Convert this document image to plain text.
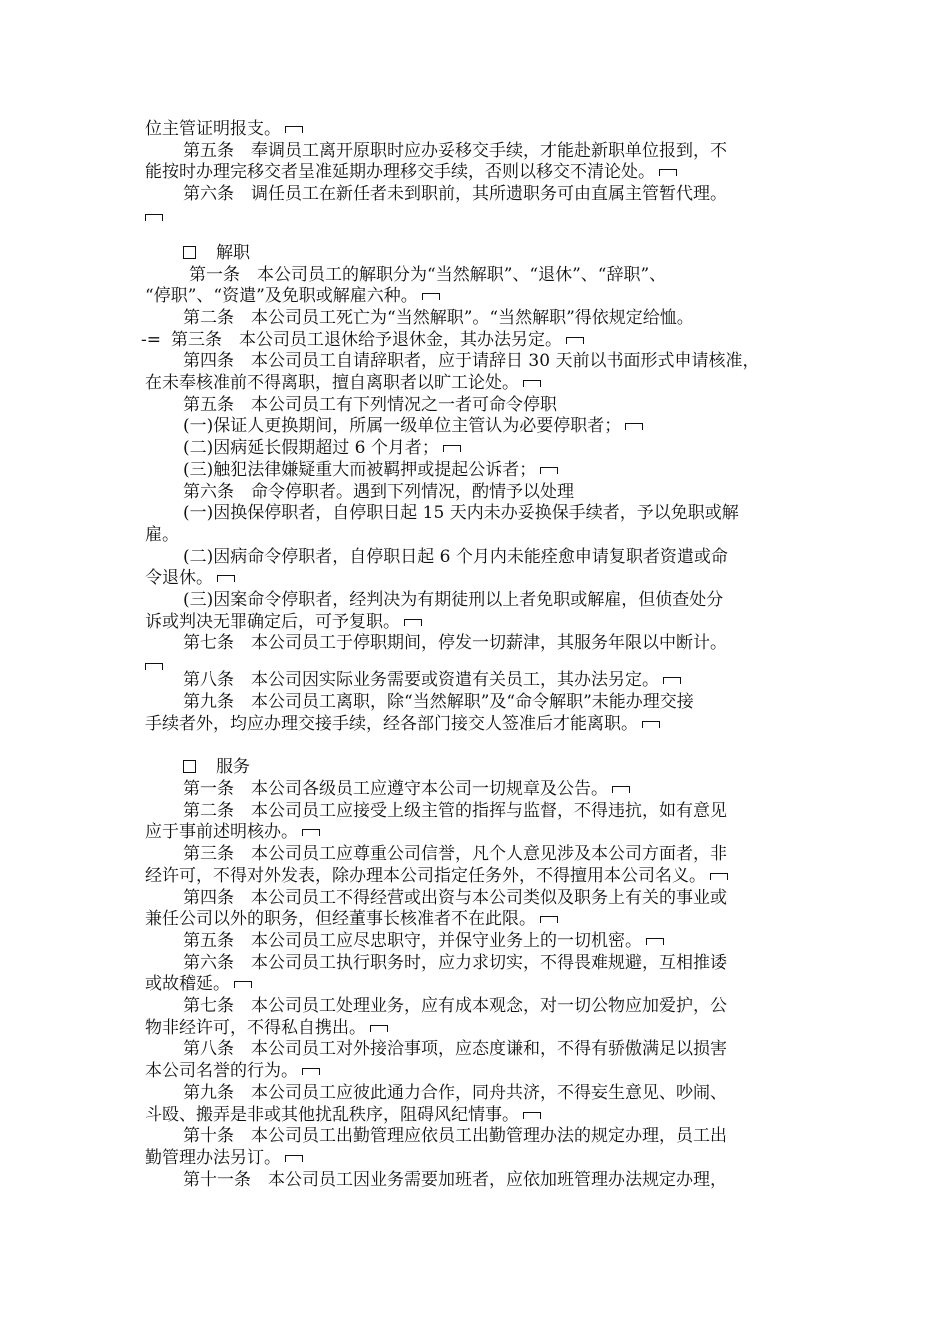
位主管证明报支。
第五条　奉调员工离开原职时应办妥移交手续，才能赴新职单位报到，不
能按时办理完移交者呈准延期办理移交手续，否则以移交不清论处。
第六条　调任员工在新任者未到职前，其所遗职务可由直属主管暂代理。
解职
第一条　本公司员工的解职分为“当然解职”、“退休”、“辞职”、
“停职”、“资遣”及免职或解雇六种。
第二条　本公司员工死亡为“当然解职”。“当然解职”得依规定给恤。
-= 第三条　本公司员工退休给予退休金，其办法另定。
第四条　本公司员工自请辞职者，应于请辞日 30 天前以书面形式申请核准，
在未奉核准前不得离职，擅自离职者以旷工论处。
第五条　本公司员工有下列情况之一者可命令停职
(一)保证人更换期间，所属一级单位主管认为必要停职者；
(二)因病延长假期超过 6 个月者；
(三)触犯法律嫌疑重大而被羁押或提起公诉者；
第六条　命令停职者。遇到下列情况，酌情予以处理
(一)因换保停职者，自停职日起 15 天内未办妥换保手续者，予以免职或解
雇。
(二)因病命令停职者，自停职日起 6 个月内未能痊愈申请复职者资遣或命
令退休。
(三)因案命令停职者，经判决为有期徒刑以上者免职或解雇，但侦查处分
诉或判决无罪确定后，可予复职。
第七条　本公司员工于停职期间，停发一切薪津，其服务年限以中断计。
第八条　本公司因实际业务需要或资遣有关员工，其办法另定。
第九条　本公司员工离职，除“当然解职”及“命令解职”未能办理交接
手续者外，均应办理交接手续，经各部门接交人签准后才能离职。
服务
第一条　本公司各级员工应遵守本公司一切规章及公告。
第二条　本公司员工应接受上级主管的指挥与监督，不得违抗，如有意见
应于事前述明核办。
第三条　本公司员工应尊重公司信誉，凡个人意见涉及本公司方面者，非
经许可，不得对外发表，除办理本公司指定任务外，不得擅用本公司名义。
第四条　本公司员工不得经营或出资与本公司类似及职务上有关的事业或
兼任公司以外的职务，但经董事长核准者不在此限。
第五条　本公司员工应尽忠职守，并保守业务上的一切机密。
第六条　本公司员工执行职务时，应力求切实，不得畏难规避，互相推诿
或故稽延。
第七条　本公司员工处理业务，应有成本观念，对一切公物应加爱护，公
物非经许可，不得私自携出。
第八条　本公司员工对外接洽事项，应态度谦和，不得有骄傲满足以损害
本公司名誉的行为。
第九条　本公司员工应彼此通力合作，同舟共济，不得妄生意见、吵闹、
斗殴、搬弄是非或其他扰乱秩序，阻碍风纪情事。
第十条　本公司员工出勤管理应依员工出勤管理办法的规定办理，员工出
勤管理办法另订。
第十一条　本公司员工因业务需要加班者，应依加班管理办法规定办理，
